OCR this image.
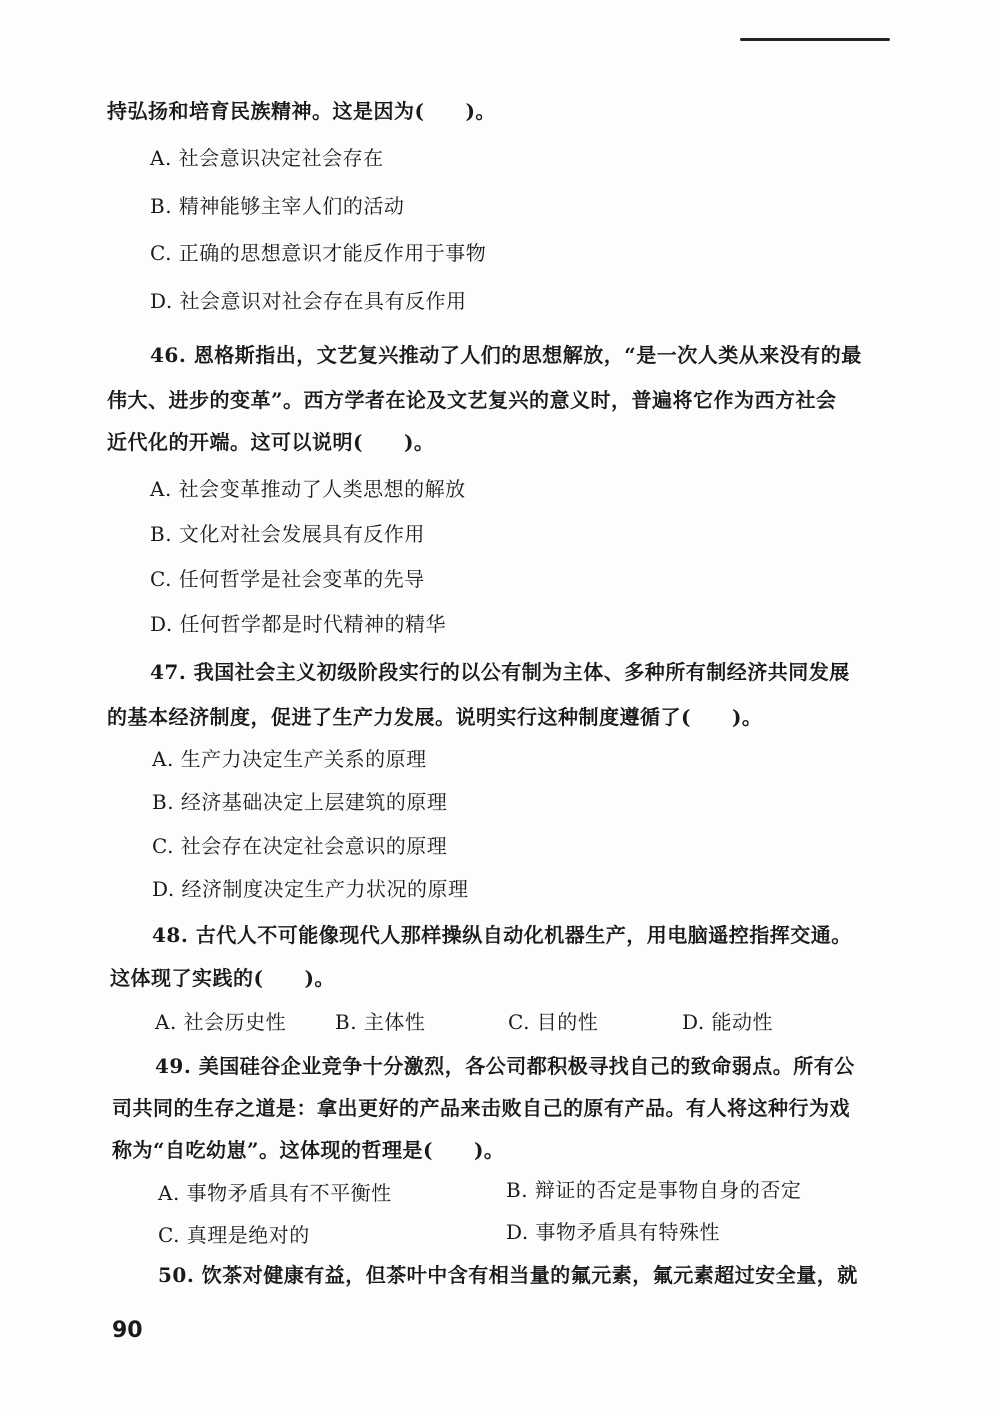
持弘扬和培育民族精神。这是因为(　　)。
A. 社会意识决定社会存在
B. 精神能够主宰人们的活动
C. 正确的思想意识才能反作用于事物
D. 社会意识对社会存在具有反作用
46. 恩格斯指出，文艺复兴推动了人们的思想解放，“是一次人类从来没有的最
伟大、进步的变革”。西方学者在论及文艺复兴的意义时，普遍将它作为西方社会
近代化的开端。这可以说明(　　)。
A. 社会变革推动了人类思想的解放
B. 文化对社会发展具有反作用
C. 任何哲学是社会变革的先导
D. 任何哲学都是时代精神的精华
47. 我国社会主义初级阶段实行的以公有制为主体、多种所有制经济共同发展
的基本经济制度，促进了生产力发展。说明实行这种制度遵循了(　　)。
A. 生产力决定生产关系的原理
B. 经济基础决定上层建筑的原理
C. 社会存在决定社会意识的原理
D. 经济制度决定生产力状况的原理
48. 古代人不可能像现代人那样操纵自动化机器生产，用电脑遥控指挥交通。
这体现了实践的(　　)。
A. 社会历史性 B. 主体性	C. 目的性	D. 能动性
49. 美国硅谷企业竞争十分激烈，各公司都积极寻找自己的致命弱点。所有公
司共同的生存之道是：拿出更好的产品来击败自己的原有产品。有人将这种行为戏
称为“自吃幼崽”。这体现的哲理是(　　)。
A. 事物矛盾具有不平衡性	B. 辩证的否定是事物自身的否定
C. 真理是绝对的	D. 事物矛盾具有特殊性
50. 饮茶对健康有益，但茶叶中含有相当量的氟元素，氟元素超过安全量，就
90
